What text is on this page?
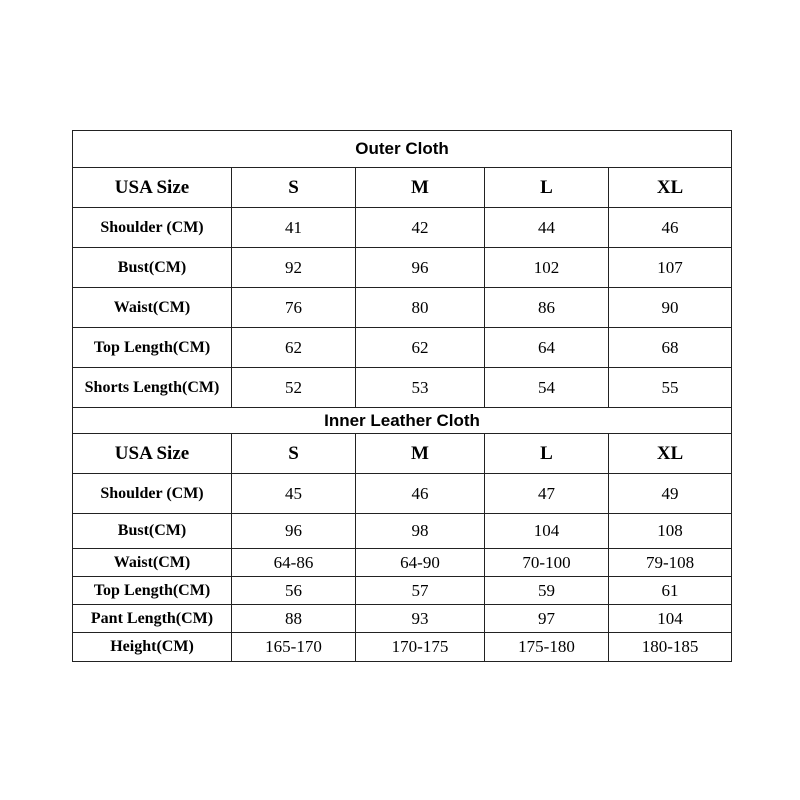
Outer Cloth				
USA Size	S	M	L	XL
Shoulder (CM)	41	42	44	46
Bust(CM)	92	96	102	107
Waist(CM)	76	80	86	90
Top Length(CM)	62	62	64	68
Shorts Length(CM)	52	53	54	55
Inner Leather Cloth				
USA Size	S	M	L	XL
Shoulder (CM)	45	46	47	49
Bust(CM)	96	98	104	108
Waist(CM)	64-86	64-90	70-100	79-108
Top Length(CM)	56	57	59	61
Pant Length(CM)	88	93	97	104
Height(CM)	165-170	170-175	175-180	180-185
